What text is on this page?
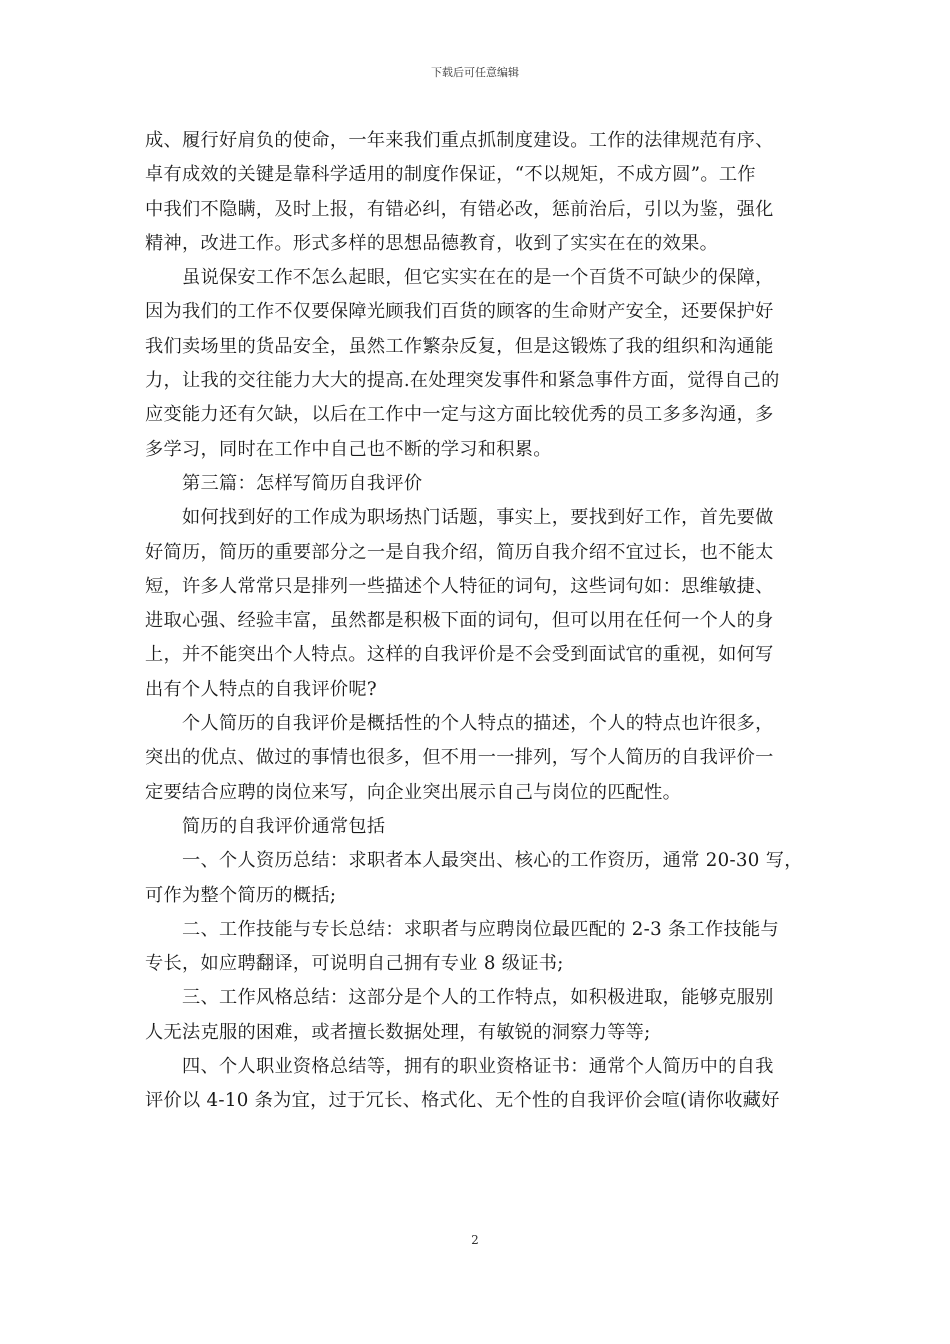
下载后可任意编辑
成、履行好肩负的使命，一年来我们重点抓制度建设。工作的法律规范有序、
卓有成效的关键是靠科学适用的制度作保证，“不以规矩，不成方圆”。工作
中我们不隐瞒，及时上报，有错必纠，有错必改，惩前治后，引以为鉴，强化
精神，改进工作。形式多样的思想品德教育，收到了实实在在的效果。
虽说保安工作不怎么起眼，但它实实在在的是一个百货不可缺少的保障，
因为我们的工作不仅要保障光顾我们百货的顾客的生命财产安全，还要保护好
我们卖场里的货品安全，虽然工作繁杂反复，但是这锻炼了我的组织和沟通能
力，让我的交往能力大大的提高.在处理突发事件和紧急事件方面，觉得自己的
应变能力还有欠缺，以后在工作中一定与这方面比较优秀的员工多多沟通，多
多学习，同时在工作中自己也不断的学习和积累。
第三篇：怎样写简历自我评价
如何找到好的工作成为职场热门话题，事实上，要找到好工作，首先要做
好简历，简历的重要部分之一是自我介绍，简历自我介绍不宜过长，也不能太
短，许多人常常只是排列一些描述个人特征的词句，这些词句如：思维敏捷、
进取心强、经验丰富，虽然都是积极下面的词句，但可以用在任何一个人的身
上，并不能突出个人特点。这样的自我评价是不会受到面试官的重视，如何写
出有个人特点的自我评价呢?
个人简历的自我评价是概括性的个人特点的描述，个人的特点也许很多，
突出的优点、做过的事情也很多，但不用一一排列，写个人简历的自我评价一
定要结合应聘的岗位来写，向企业突出展示自己与岗位的匹配性。
简历的自我评价通常包括
一、个人资历总结：求职者本人最突出、核心的工作资历，通常 20-30 写，
可作为整个简历的概括;
二、工作技能与专长总结：求职者与应聘岗位最匹配的 2-3 条工作技能与
专长，如应聘翻译，可说明自己拥有专业 8 级证书;
三、工作风格总结：这部分是个人的工作特点，如积极进取，能够克服别
人无法克服的困难，或者擅长数据处理，有敏锐的洞察力等等;
四、个人职业资格总结等，拥有的职业资格证书：通常个人简历中的自我
评价以 4-10 条为宜，过于冗长、格式化、无个性的自我评价会喧(请你收藏好
2
